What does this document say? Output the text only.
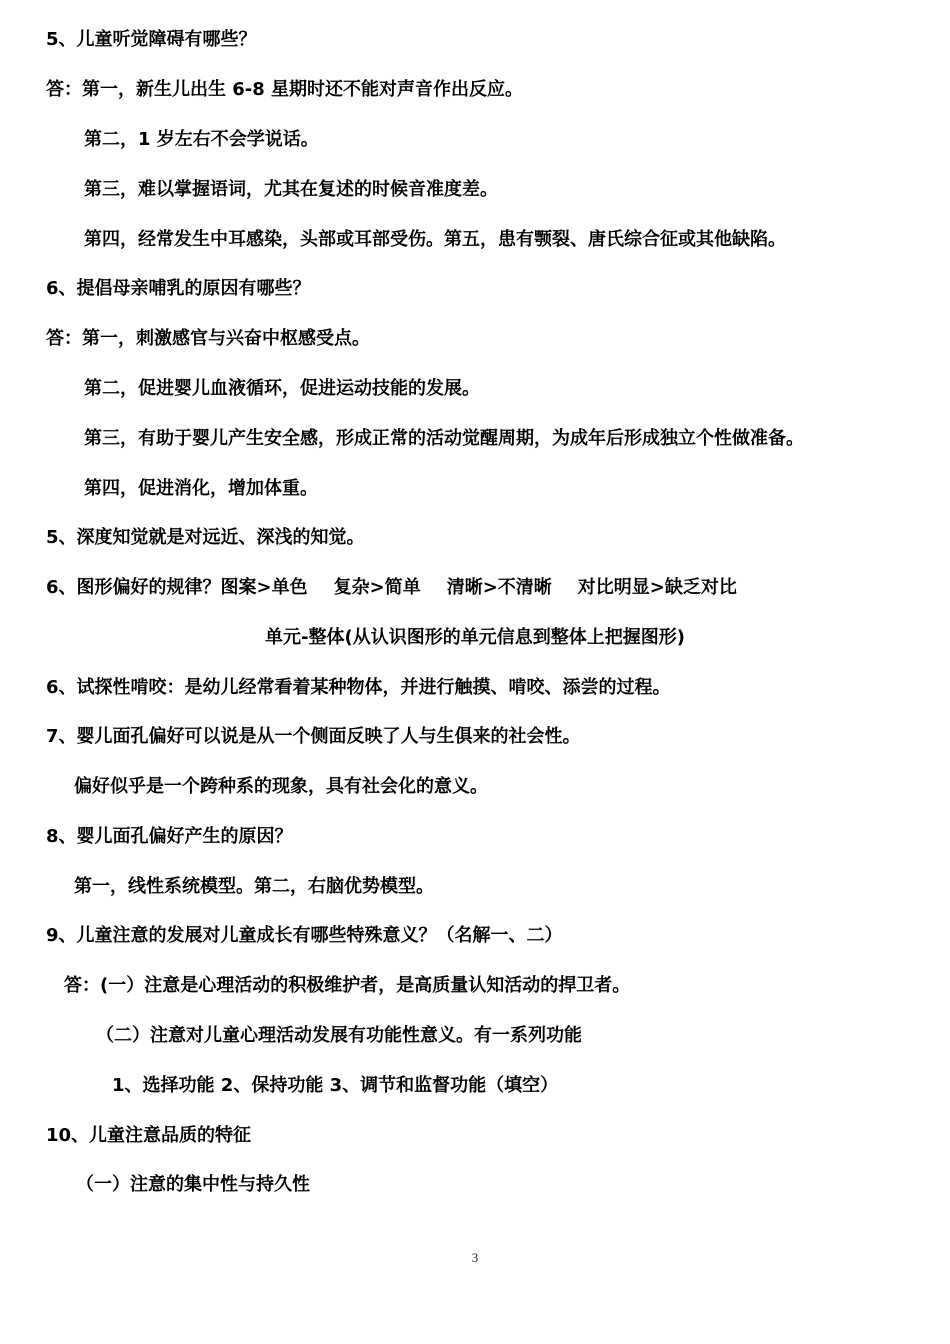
5、儿童听觉障碍有哪些？
答：第一，新生儿出生 6-8 星期时还不能对声音作出反应。
第二，1 岁左右不会学说话。
第三，难以掌握语词，尤其在复述的时候音准度差。
第四，经常发生中耳感染，头部或耳部受伤。第五，患有颚裂、唐氏综合征或其他缺陷。
6、提倡母亲哺乳的原因有哪些？
答：第一，刺激感官与兴奋中枢感受点。
第二，促进婴儿血液循环，促进运动技能的发展。
第三，有助于婴儿产生安全感，形成正常的活动觉醒周期，为成年后形成独立个性做准备。
第四，促进消化，增加体重。
5、深度知觉就是对远近、深浅的知觉。
6、图形偏好的规律？图案>单色 复杂>简单 清晰>不清晰 对比明显>缺乏对比
单元-整体(从认识图形的单元信息到整体上把握图形)
6、试探性啃咬：是幼儿经常看着某种物体，并进行触摸、啃咬、添尝的过程。
7、婴儿面孔偏好可以说是从一个侧面反映了人与生俱来的社会性。
偏好似乎是一个跨种系的现象，具有社会化的意义。
8、婴儿面孔偏好产生的原因？
第一，线性系统模型。第二，右脑优势模型。
9、儿童注意的发展对儿童成长有哪些特殊意义？（名解一、二）
答：(一）注意是心理活动的积极维护者，是高质量认知活动的捍卫者。
（二）注意对儿童心理活动发展有功能性意义。有一系列功能
1、选择功能 2、保持功能 3、调节和监督功能（填空）
10、儿童注意品质的特征
（一）注意的集中性与持久性
3
